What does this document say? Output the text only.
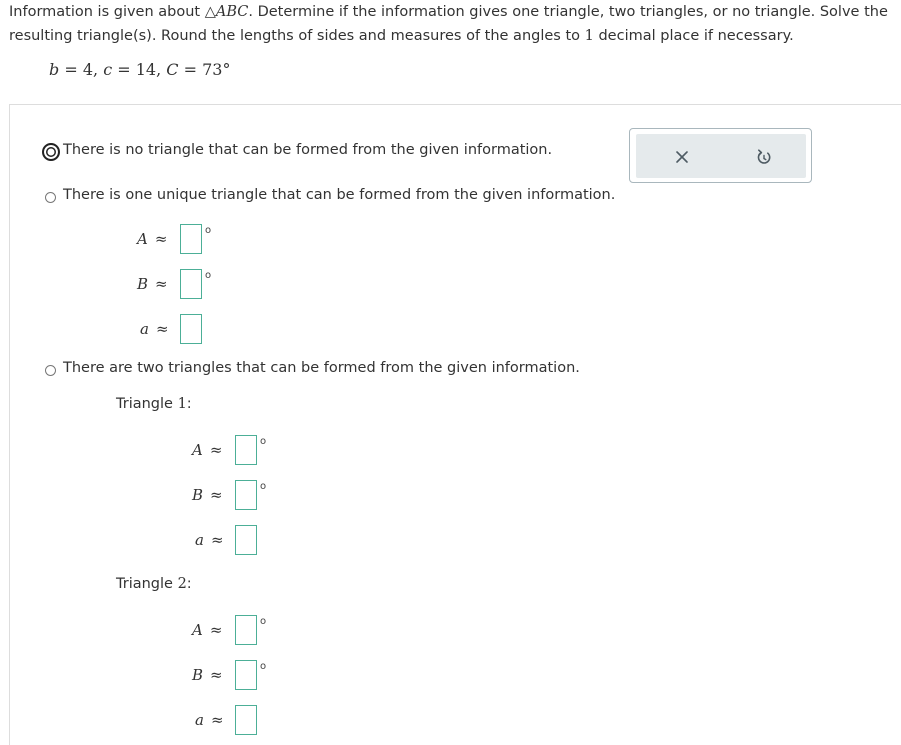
Information is given about △ABC. Determine if the information gives one triangle, two triangles, or no triangle. Solve the resulting triangle(s). Round the lengths of sides and measures of the angles to 1 decimal place if necessary.
b = 4, c = 14, C = 73°
There is no triangle that can be formed from the given information.
There is one unique triangle that can be formed from the given information.
A ≈	o
B ≈	o
a ≈
There are two triangles that can be formed from the given information.
Triangle 1:
A ≈	o
B ≈	o
a ≈
Triangle 2:
A ≈	o
B ≈	o
a ≈
